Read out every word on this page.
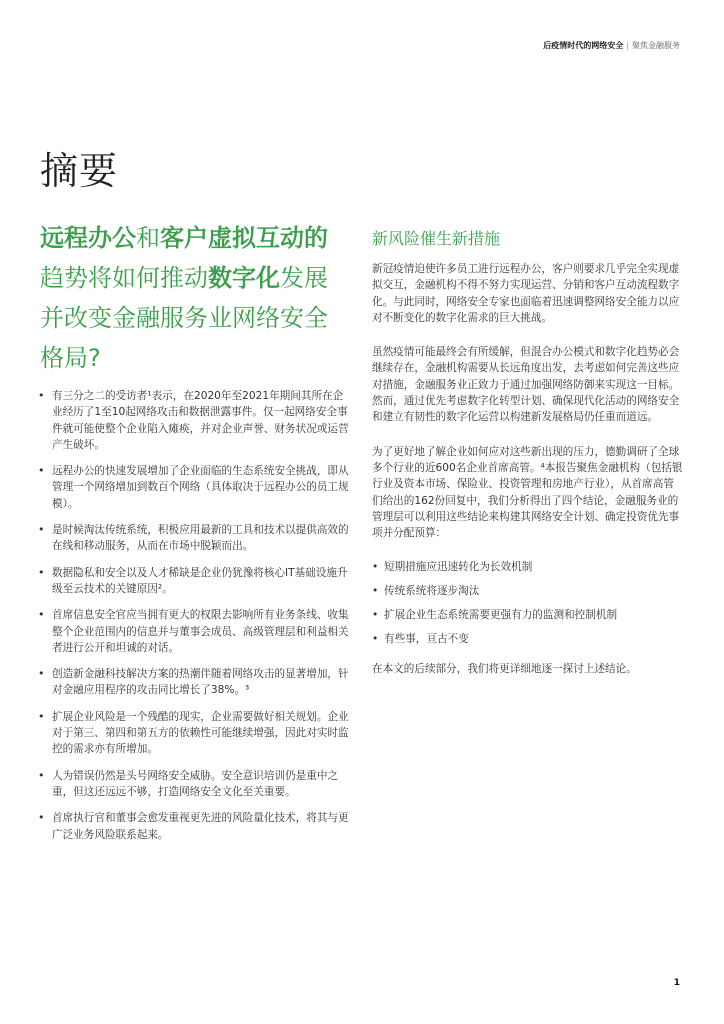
后疫情时代的网络安全 | 聚焦金融服务
摘要
远程办公和客户虚拟互动的趋势将如何推动数字化发展并改变金融服务业网络安全格局?
• 有三分之二的受访者¹表示，在2020年至2021年期间其所在企业经历了1至10起网络攻击和数据泄露事件。仅一起网络安全事件就可能使整个企业陷入瘫痪，并对企业声誉、财务状况或运营产生破坏。
• 远程办公的快速发展增加了企业面临的生态系统安全挑战，即从管理一个网络增加到数百个网络（具体取决于远程办公的员工规模）。
• 是时候淘汰传统系统，积极应用最新的工具和技术以提供高效的在线和移动服务，从而在市场中脱颖而出。
• 数据隐私和安全以及人才稀缺是企业仍犹豫将核心IT基础设施升级至云技术的关键原因²。
• 首席信息安全官应当拥有更大的权限去影响所有业务条线、收集整个企业范围内的信息并与董事会成员、高级管理层和利益相关者进行公开和坦诚的对话。
• 创造新金融科技解决方案的热潮伴随着网络攻击的显著增加，针对金融应用程序的攻击同比增长了38%。³
• 扩展企业风险是一个残酷的现实，企业需要做好相关规划。企业对于第三、第四和第五方的依赖性可能继续增强，因此对实时监控的需求亦有所增加。
• 人为错误仍然是头号网络安全威胁。安全意识培训仍是重中之重，但这还远远不够，打造网络安全文化至关重要。
• 首席执行官和董事会愈发重视更先进的风险量化技术，将其与更广泛业务风险联系起来。
新风险催生新措施

新冠疫情迫使许多员工进行远程办公，客户则要求几乎完全实现虚拟交互，金融机构不得不努力实现运营、分销和客户互动流程数字化。与此同时，网络安全专家也面临着迅速调整网络安全能力以应对不断变化的数字化需求的巨大挑战。

虽然疫情可能最终会有所缓解，但混合办公模式和数字化趋势必会继续存在，金融机构需要从长远角度出发，去考虑如何完善这些应对措施，金融服务业正致力于通过加强网络防御来实现这一目标。然而，通过优先考虑数字化转型计划、确保现代化活动的网络安全和建立有韧性的数字化运营以构建新发展格局仍任重而道远。

为了更好地了解企业如何应对这些新出现的压力，德勤调研了全球多个行业的近600名企业首席高管。⁴本报告聚焦金融机构（包括银行业及资本市场、保险业、投资管理和房地产行业），从首席高管们给出的162份回复中，我们分析得出了四个结论，金融服务业的管理层可以利用这些结论来构建其网络安全计划、确定投资优先事项并分配预算：

• 短期措施应迅速转化为长效机制
• 传统系统将逐步淘汰
• 扩展企业生态系统需要更强有力的监测和控制机制
• 有些事，亘古不变

在本文的后续部分，我们将更详细地逐一探讨上述结论。

1
